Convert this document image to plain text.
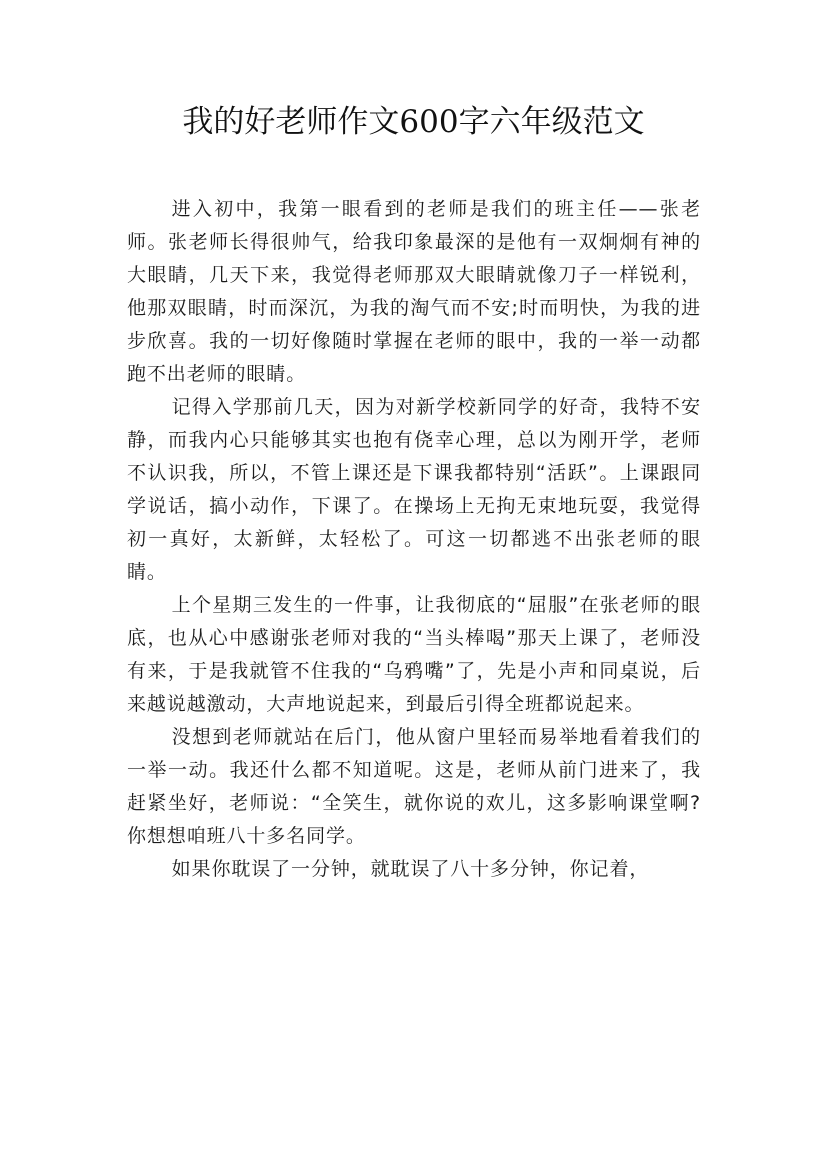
我的好老师作文600字六年级范文

进入初中，我第一眼看到的老师是我们的班主任——张老师。张老师长得很帅气，给我印象最深的是他有一双炯炯有神的大眼睛，几天下来，我觉得老师那双大眼睛就像刀子一样锐利，他那双眼睛，时而深沉，为我的淘气而不安;时而明快，为我的进步欣喜。我的一切好像随时掌握在老师的眼中，我的一举一动都跑不出老师的眼睛。

记得入学那前几天，因为对新学校新同学的好奇，我特不安静，而我内心只能够其实也抱有侥幸心理，总以为刚开学，老师不认识我，所以，不管上课还是下课我都特别“活跃”。上课跟同学说话，搞小动作，下课了。在操场上无拘无束地玩耍，我觉得初一真好，太新鲜，太轻松了。可这一切都逃不出张老师的眼睛。

上个星期三发生的一件事，让我彻底的“屈服”在张老师的眼底，也从心中感谢张老师对我的“当头棒喝”那天上课了，老师没有来，于是我就管不住我的“乌鸦嘴”了，先是小声和同桌说，后来越说越激动，大声地说起来，到最后引得全班都说起来。

没想到老师就站在后门，他从窗户里轻而易举地看着我们的一举一动。我还什么都不知道呢。这是，老师从前门进来了，我赶紧坐好，老师说：“全笑生，就你说的欢儿，这多影响课堂啊?你想想咱班八十多名同学。

如果你耽误了一分钟，就耽误了八十多分钟，你记着，
